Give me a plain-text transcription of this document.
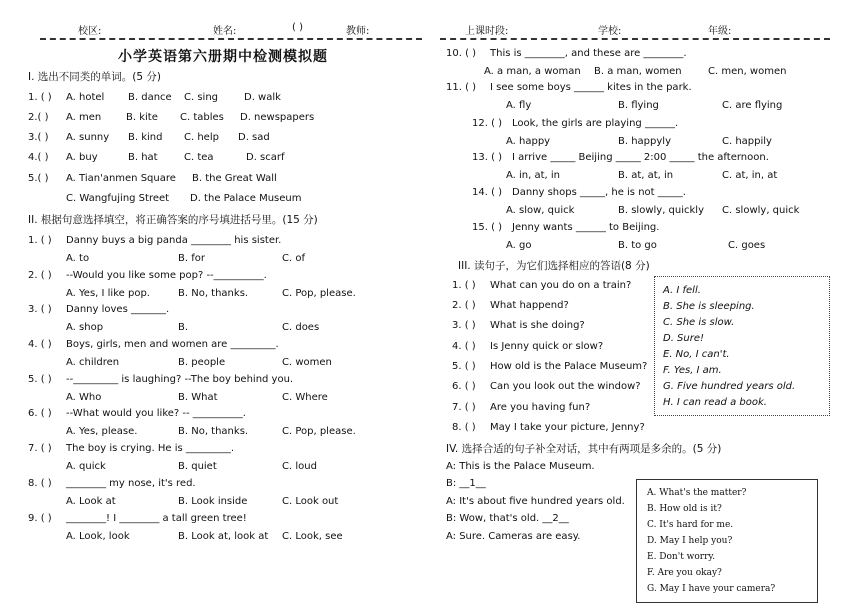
校区:	姓名:	( )	教师:	上课时段:	学校:	年级:
小学英语第六册期中检测模拟题
I. 选出不同类的单词。(5 分)
1. ( ) A. hotel B. dance C. sing	D. walk
2.( ) A. men B. kite C. tables D. newspapers
3.( ) A. sunny B. kind C. help D. sad
4.( ) A. buy	B. hat	C. tea	D. scarf
5.( ) A. Tian'anmen Square B. the Great Wall
C. Wangfujing Street D. the Palace Museum
II. 根据句意选择填空，将正确答案的序号填进括号里。(15 分)
1. ( ) Danny buys a big panda ________ his sister.
A. to	B. for	C. of
2. ( ) --Would you like some pop? --__________.
A. Yes, I like pop.	B. No, thanks.	C. Pop, please.
3. ( ) Danny loves _______.
A. shop	B.	C. does
4. ( ) Boys, girls, men and women are _________.
A. children	B. people	C. women
5. ( ) --_________ is laughing? --The boy behind you.
A. Who	B. What	C. Where
6. ( ) --What would you like? -- __________.
A. Yes, please.	B. No, thanks.	C. Pop, please.
7. ( ) The boy is crying. He is _________.
A. quick	B. quiet	C. loud
8. ( ) ________ my nose, it's red.
A. Look at	B. Look inside	C. Look out
9. ( ) ________! I ________ a tall green tree!
A. Look, look	B. Look at, look at C. Look, see
10. ( ) This is ________, and these are ________.
A. a man, a woman B. a man, women	C. men, women
11. ( ) I see some boys ______ kites in the park.
A. fly	B. flying	C. are flying
12. ( ) Look, the girls are playing ______.
A. happy	B. happyly	C. happily
13. ( ) I arrive _____ Beijing _____ 2:00 _____ the afternoon.
A. in, at, in	B. at, at, in	C. at, in, at
14. ( ) Danny shops _____, he is not _____.
A. slow, quick	B. slowly, quickly C. slowly, quick
15. ( ) Jenny wants ______ to Beijing.
A. go	B. to go	C. goes
III. 读句子，为它们选择相应的答语(8 分)
1. ( ) What can you do on a train?
2. ( ) What happend?
3. ( ) What is she doing?
4. ( ) Is Jenny quick or slow?
5. ( ) How old is the Palace Museum?
6. ( ) Can you look out the window?
7. ( ) Are you having fun?
8. ( ) May I take your picture, Jenny?
A. I fell.
B. She is sleeping.
C. She is slow.
D. Sure!
E. No, I can't.
F. Yes, I am.
G. Five hundred years old.
H. I can read a book.
IV. 选择合适的句子补全对话，其中有两项是多余的。(5 分)
A: This is the Palace Museum.
B: __1__
A: It's about five hundred years old.
B: Wow, that's old. __2__
A: Sure. Cameras are easy.
A. What's the matter?
B. How old is it?
C. It's hard for me.
D. May I help you?
E. Don't worry.
F. Are you okay?
G. May I have your camera?
